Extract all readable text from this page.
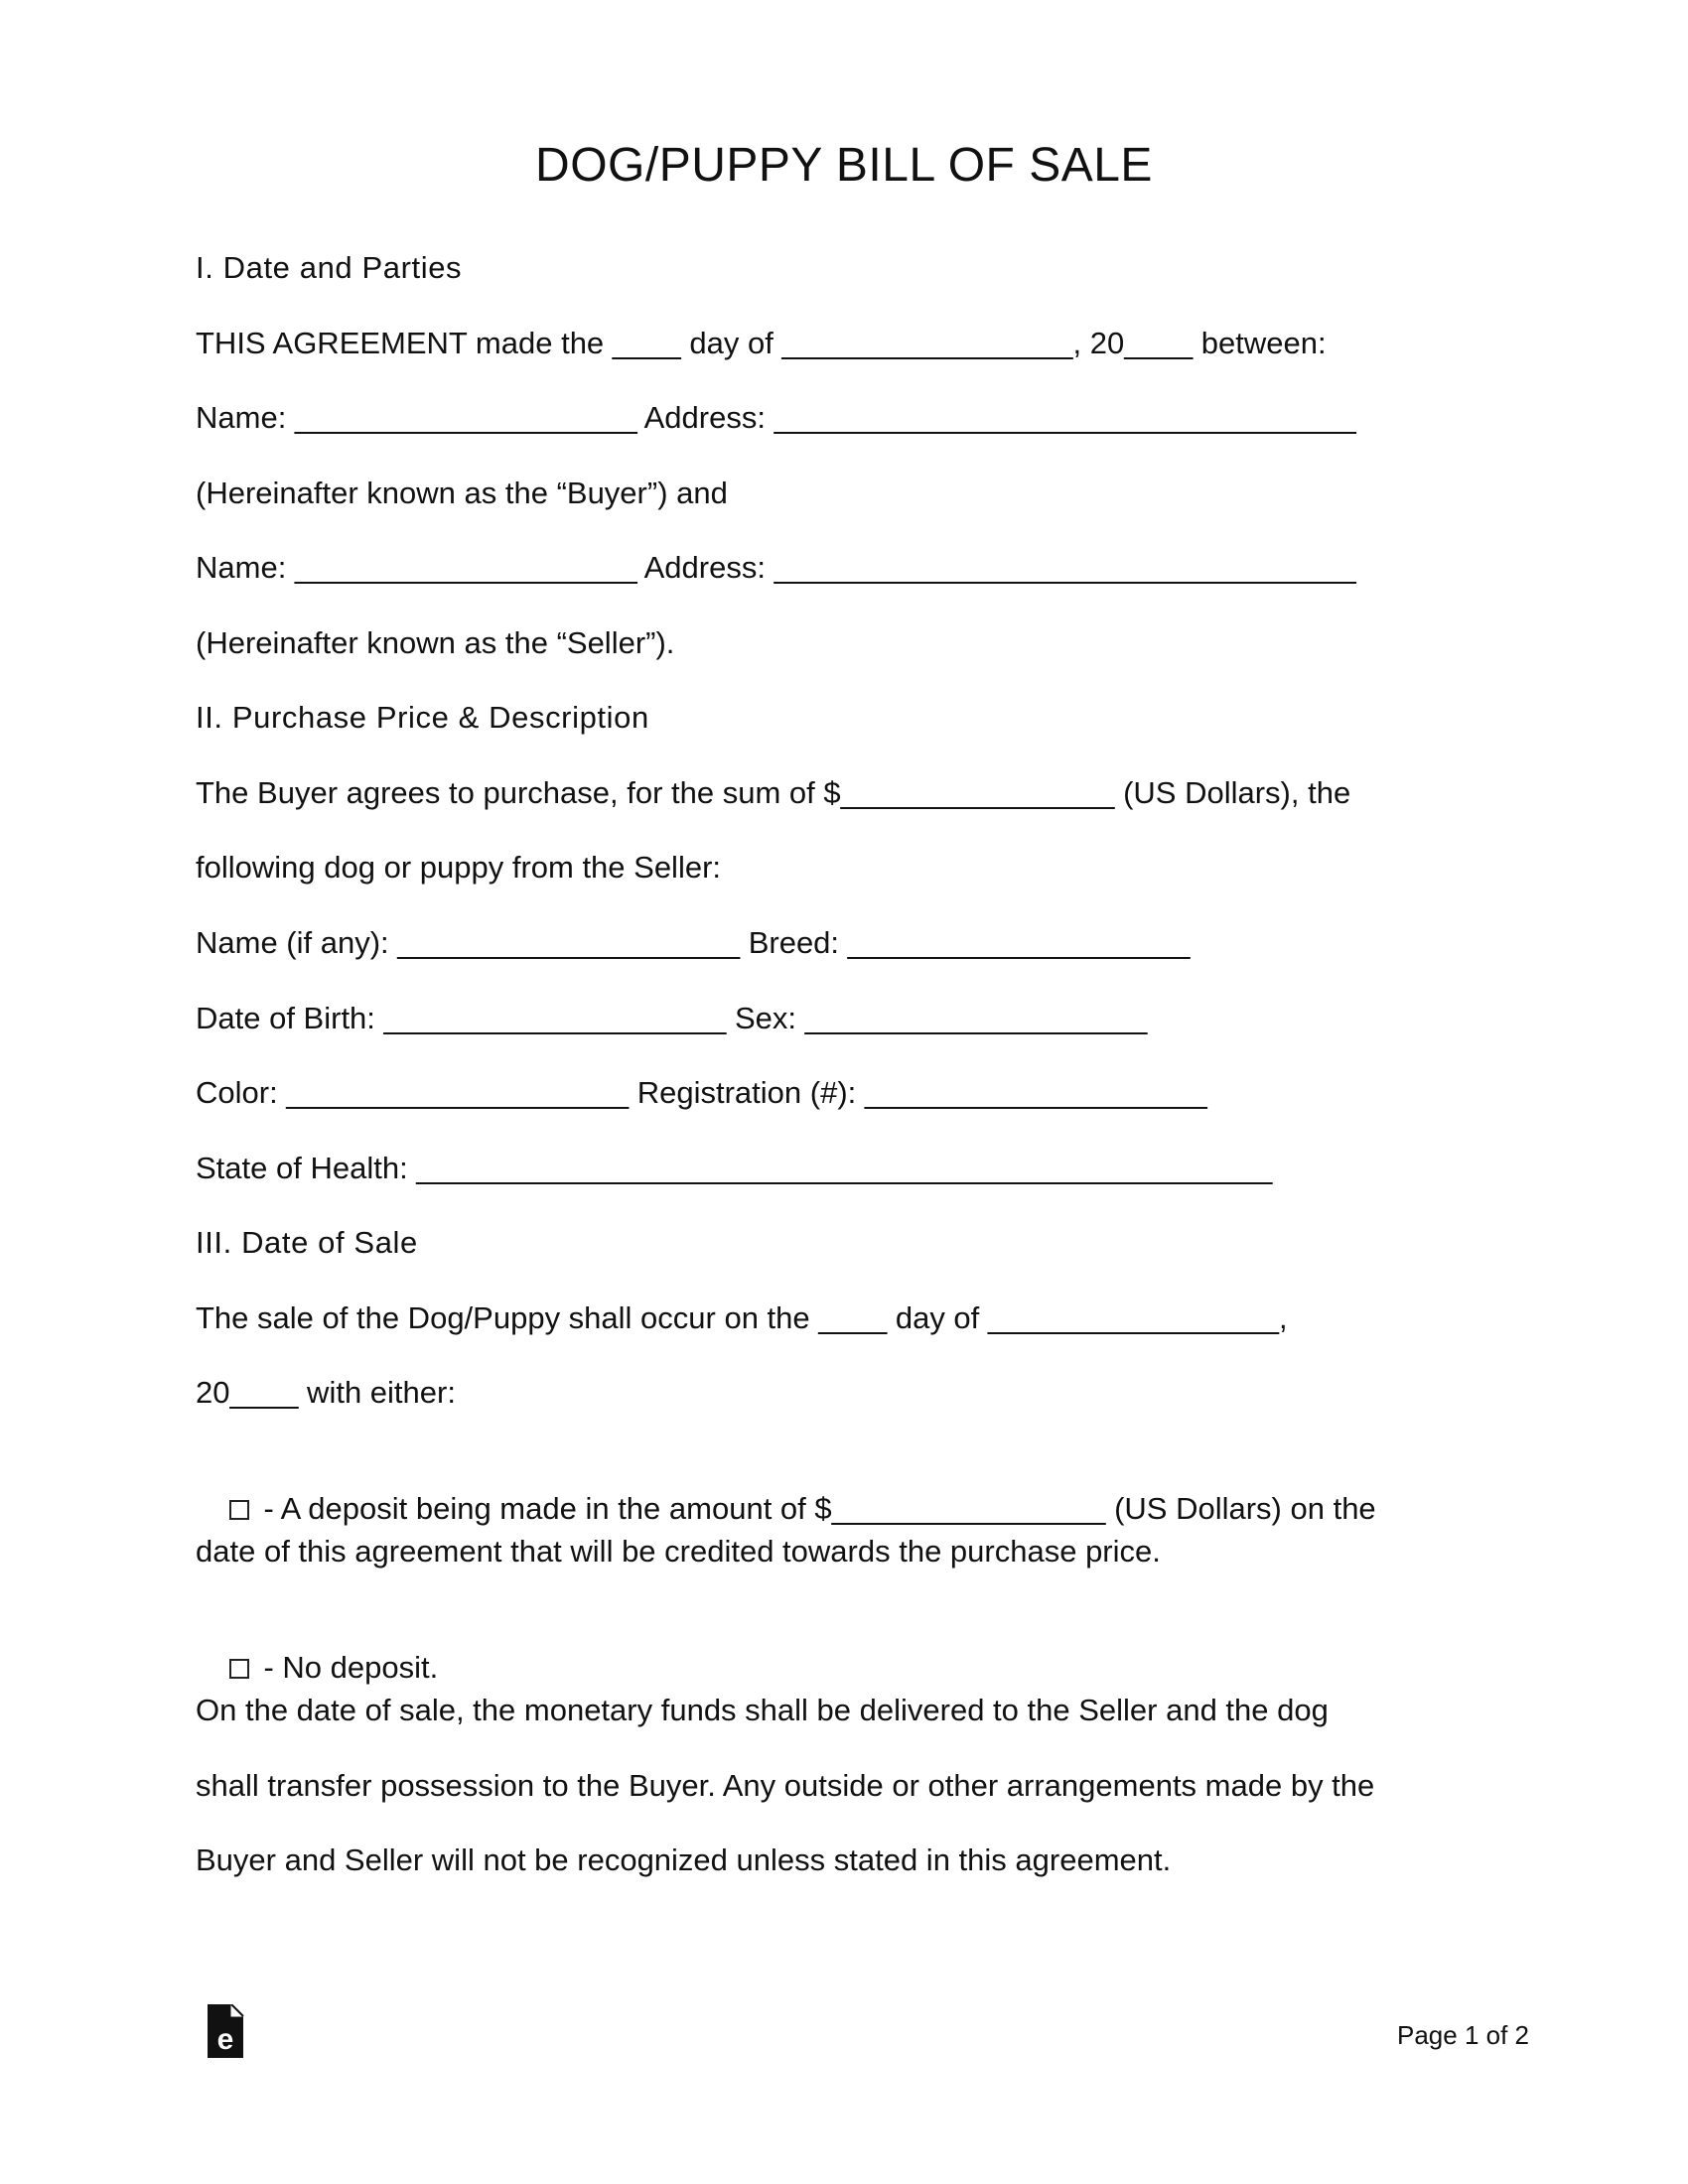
DOG/PUPPY BILL OF SALE
I. Date and Parties
THIS AGREEMENT made the ____ day of _________________, 20____ between:
Name: ____________________ Address: __________________________________
(Hereinafter known as the “Buyer”) and
Name: ____________________ Address: __________________________________
(Hereinafter known as the “Seller”).
II. Purchase Price & Description
The Buyer agrees to purchase, for the sum of $________________ (US Dollars), the
following dog or puppy from the Seller:
Name (if any): ____________________ Breed: ____________________
Date of Birth: ____________________ Sex: ____________________
Color: ____________________ Registration (#): ____________________
State of Health: __________________________________________________
III. Date of Sale
The sale of the Dog/Puppy shall occur on the ____ day of _________________,
20____ with either:

- A deposit being made in the amount of $________________ (US Dollars) on the

date of this agreement that will be credited towards the purchase price.

- No deposit.

On the date of sale, the monetary funds shall be delivered to the Seller and the dog
shall transfer possession to the Buyer. Any outside or other arrangements made by the
Buyer and Seller will not be recognized unless stated in this agreement.
e	Page 1 of 2
